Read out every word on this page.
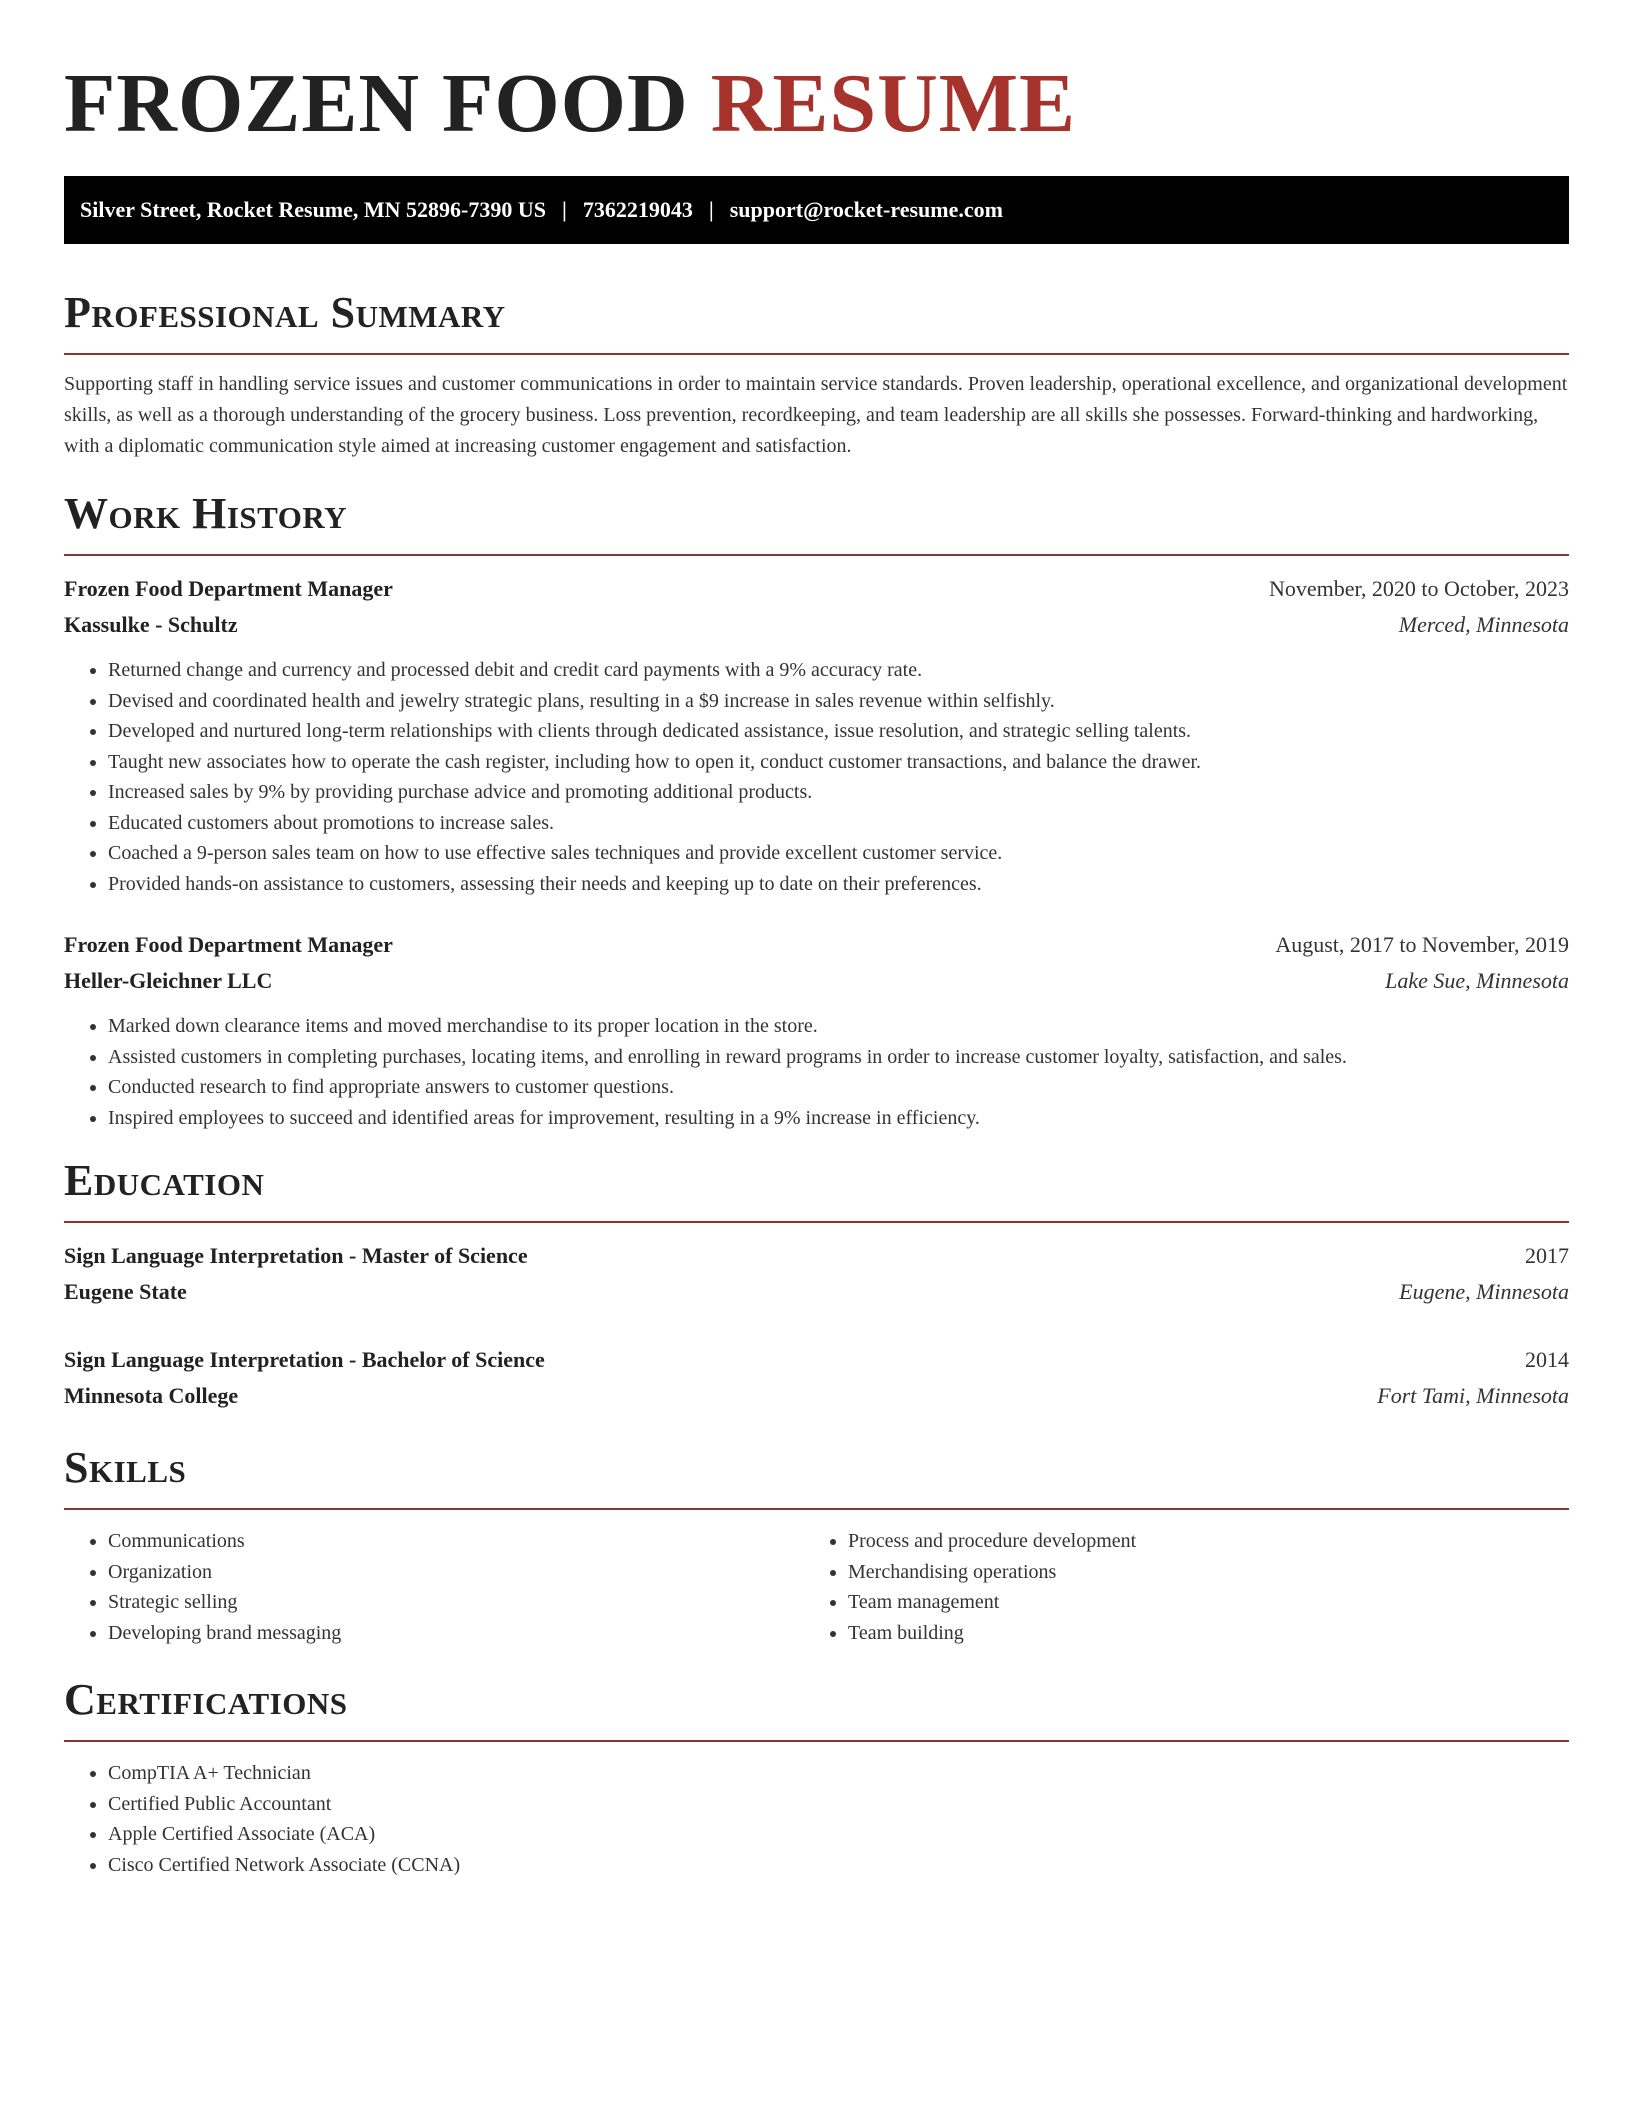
FROZEN FOOD RESUME
Silver Street, Rocket Resume, MN 52896-7390 US | 7362219043 | support@rocket-resume.com
Professional Summary

Supporting staff in handling service issues and customer communications in order to maintain service standards. Proven leadership, operational excellence, and organizational development skills, as well as a thorough understanding of the grocery business. Loss prevention, recordkeeping, and team leadership are all skills she possesses. Forward-thinking and hardworking, with a diplomatic communication style aimed at increasing customer engagement and satisfaction.

Work History
Frozen Food Department Manager	November, 2020 to October, 2023
Kassulke - Schultz	Merced, Minnesota
• Returned change and currency and processed debit and credit card payments with a 9% accuracy rate.
• Devised and coordinated health and jewelry strategic plans, resulting in a $9 increase in sales revenue within selfishly.
• Developed and nurtured long-term relationships with clients through dedicated assistance, issue resolution, and strategic selling talents.
• Taught new associates how to operate the cash register, including how to open it, conduct customer transactions, and balance the drawer.
• Increased sales by 9% by providing purchase advice and promoting additional products.
• Educated customers about promotions to increase sales.
• Coached a 9-person sales team on how to use effective sales techniques and provide excellent customer service.
• Provided hands-on assistance to customers, assessing their needs and keeping up to date on their preferences.
Frozen Food Department Manager	August, 2017 to November, 2019
Heller-Gleichner LLC	Lake Sue, Minnesota
• Marked down clearance items and moved merchandise to its proper location in the store.
• Assisted customers in completing purchases, locating items, and enrolling in reward programs in order to increase customer loyalty, satisfaction, and sales.
• Conducted research to find appropriate answers to customer questions.
• Inspired employees to succeed and identified areas for improvement, resulting in a 9% increase in efficiency.
Education
Sign Language Interpretation - Master of Science	2017
Eugene State	Eugene, Minnesota
Sign Language Interpretation - Bachelor of Science	2014
Minnesota College	Fort Tami, Minnesota
Skills
• Communications
• Organization
• Strategic selling
• Developing brand messaging
• Process and procedure development
• Merchandising operations
• Team management
• Team building
Certifications
• CompTIA A+ Technician
• Certified Public Accountant
• Apple Certified Associate (ACA)
• Cisco Certified Network Associate (CCNA)
